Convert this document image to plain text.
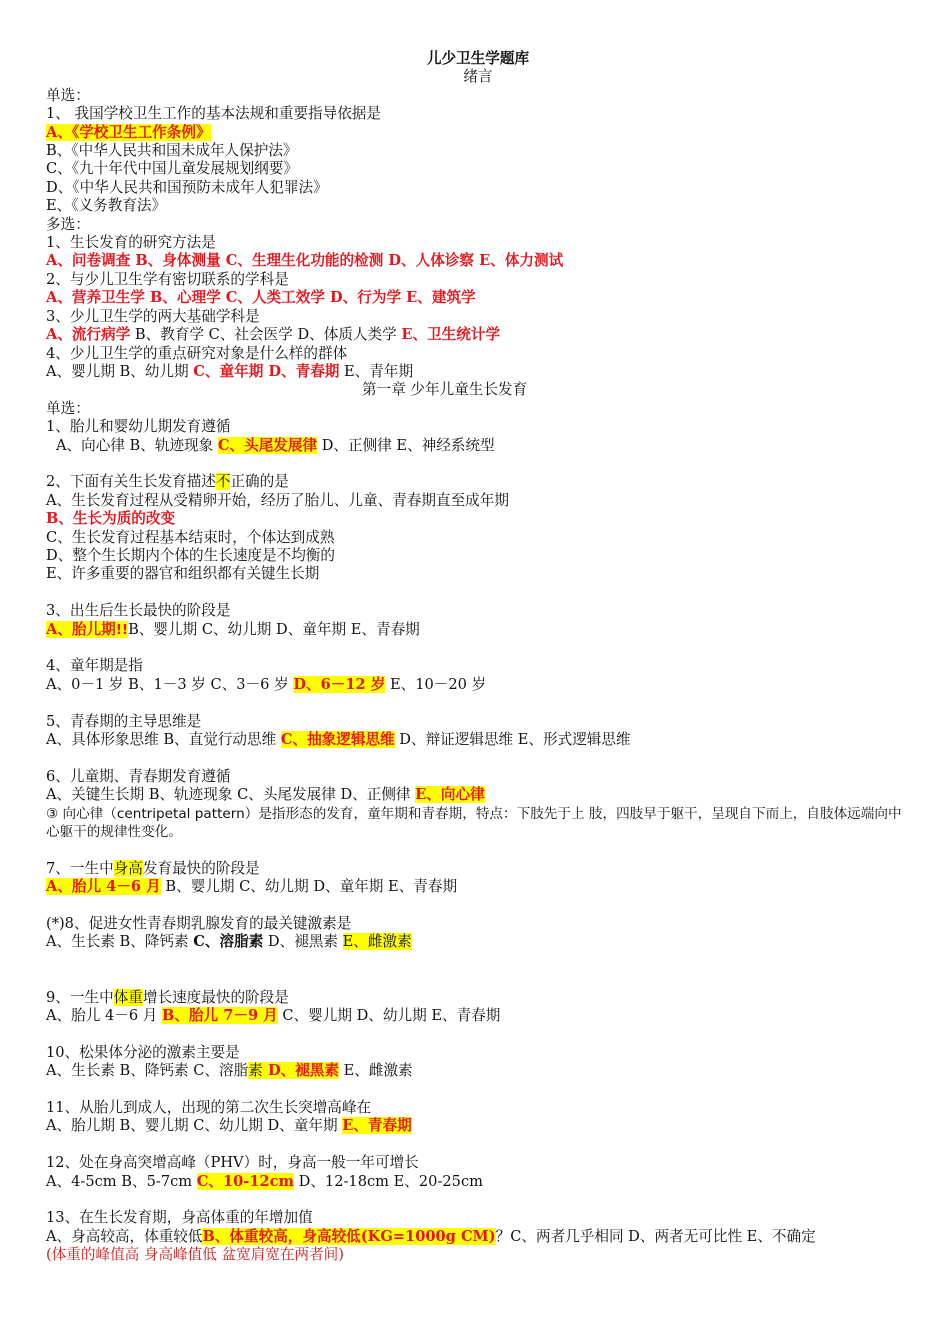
儿少卫生学题库
绪言
单选：
1、 我国学校卫生工作的基本法规和重要指导依据是
A、《学校卫生工作条例》
B、《中华人民共和国未成年人保护法》
C、《九十年代中国儿童发展规划纲要》
D、《中华人民共和国预防未成年人犯罪法》
E、《义务教育法》
多选：
1、生长发育的研究方法是
A、问卷调查 B、身体测量 C、生理生化功能的检测 D、人体诊察 E、体力测试
2、与少儿卫生学有密切联系的学科是
A、营养卫生学 B、心理学 C、人类工效学 D、行为学 E、建筑学
3、少儿卫生学的两大基础学科是
A、流行病学 B、教育学 C、社会医学 D、体质人类学 E、卫生统计学
4、少儿卫生学的重点研究对象是什么样的群体
A、婴儿期 B、幼儿期 C、童年期 D、青春期 E、青年期
第一章 少年儿童生长发育
单选：
1、胎儿和婴幼儿期发育遵循
A、向心律 B、轨迹现象 C、头尾发展律 D、正侧律 E、神经系统型
2、下面有关生长发育描述不正确的是
A、生长发育过程从受精卵开始，经历了胎儿、儿童、青春期直至成年期
B、生长为质的改变
C、生长发育过程基本结束时，个体达到成熟
D、整个生长期内个体的生长速度是不均衡的
E、许多重要的器官和组织都有关键生长期
3、出生后生长最快的阶段是
A、胎儿期!!B、婴儿期 C、幼儿期 D、童年期 E、青春期
4、童年期是指
A、0－1 岁 B、1－3 岁 C、3－6 岁 D、6－12 岁 E、10－20 岁
5、青春期的主导思维是
A、具体形象思维 B、直觉行动思维 C、抽象逻辑思维 D、辩证逻辑思维 E、形式逻辑思维
6、儿童期、青春期发育遵循
A、关键生长期 B、轨迹现象 C、头尾发展律 D、正侧律 E、向心律
③ 向心律（centripetal pattern）是指形态的发育，童年期和青春期，特点：下肢先于上 肢，四肢早于躯干，呈现自下而上，自肢体远端向中心躯干的规律性变化。
7、一生中身高发育最快的阶段是
A、胎儿 4－6 月 B、婴儿期 C、幼儿期 D、童年期 E、青春期
(*)8、促进女性青春期乳腺发育的最关键激素是
A、生长素 B、降钙素 C、溶脂素 D、褪黑素 E、雌激素
9、一生中体重增长速度最快的阶段是
A、胎儿 4－6 月 B、胎儿 7－9 月 C、婴儿期 D、幼儿期 E、青春期
10、松果体分泌的激素主要是
A、生长素 B、降钙素 C、溶脂素 D、褪黑素 E、雌激素
11、从胎儿到成人，出现的第二次生长突增高峰在
A、胎儿期 B、婴儿期 C、幼儿期 D、童年期 E、青春期
12、处在身高突增高峰（PHV）时，身高一般一年可增长
A、4-5cm B、5-7cm C、10-12cm D、12-18cm E、20-25cm
13、在生长发育期，身高体重的年增加值
A、身高较高，体重较低B、体重较高，身高较低(KG=1000g CM)？C、两者几乎相同 D、两者无可比性 E、不确定
(体重的峰值高 身高峰值低 盆宽肩宽在两者间)
